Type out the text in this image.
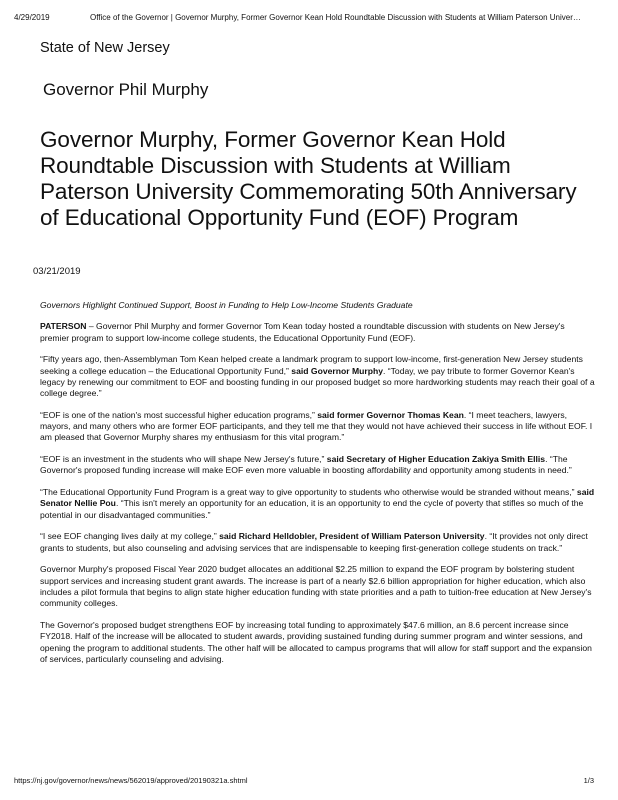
4/29/2019	Office of the Governor | Governor Murphy, Former Governor Kean Hold Roundtable Discussion with Students at William Paterson Univer…
State of New Jersey
Governor Phil Murphy
Governor Murphy, Former Governor Kean Hold Roundtable Discussion with Students at William Paterson University Commemorating 50th Anniversary of Educational Opportunity Fund (EOF) Program
03/21/2019

Governors Highlight Continued Support, Boost in Funding to Help Low-Income Students Graduate

PATERSON – Governor Phil Murphy and former Governor Tom Kean today hosted a roundtable discussion with students on New Jersey's premier program to support low-income college students, the Educational Opportunity Fund (EOF).

“Fifty years ago, then-Assemblyman Tom Kean helped create a landmark program to support low-income, first-generation New Jersey students seeking a college education – the Educational Opportunity Fund,” said Governor Murphy. “Today, we pay tribute to former Governor Kean's legacy by renewing our commitment to EOF and boosting funding in our proposed budget so more hardworking students may reach their goal of a college degree.”

“EOF is one of the nation's most successful higher education programs,” said former Governor Thomas Kean. “I meet teachers, lawyers, mayors, and many others who are former EOF participants, and they tell me that they would not have achieved their success in life without EOF. I am pleased that Governor Murphy shares my enthusiasm for this vital program.”

“EOF is an investment in the students who will shape New Jersey's future,” said Secretary of Higher Education Zakiya Smith Ellis. “The Governor's proposed funding increase will make EOF even more valuable in boosting affordability and opportunity among students in need.”

“The Educational Opportunity Fund Program is a great way to give opportunity to students who otherwise would be stranded without means,” said Senator Nellie Pou. “This isn't merely an opportunity for an education, it is an opportunity to end the cycle of poverty that stifles so much of the potential in our disadvantaged communities.”

“I see EOF changing lives daily at my college,” said Richard Helldobler, President of William Paterson University. “It provides not only direct grants to students, but also counseling and advising services that are indispensable to keeping first-generation college students on track.”

Governor Murphy's proposed Fiscal Year 2020 budget allocates an additional $2.25 million to expand the EOF program by bolstering student support services and increasing student grant awards. The increase is part of a nearly $2.6 billion appropriation for higher education, which also includes a pilot formula that begins to align state higher education funding with state priorities and a path to tuition-free education at New Jersey's community colleges.

The Governor's proposed budget strengthens EOF by increasing total funding to approximately $47.6 million, an 8.6 percent increase since FY2018. Half of the increase will be allocated to student awards, providing sustained funding during summer program and winter sessions, and opening the program to additional students. The other half will be allocated to campus programs that will allow for staff support and the expansion of services, particularly counseling and advising.

https://nj.gov/governor/news/news/562019/approved/20190321a.shtml	1/3
